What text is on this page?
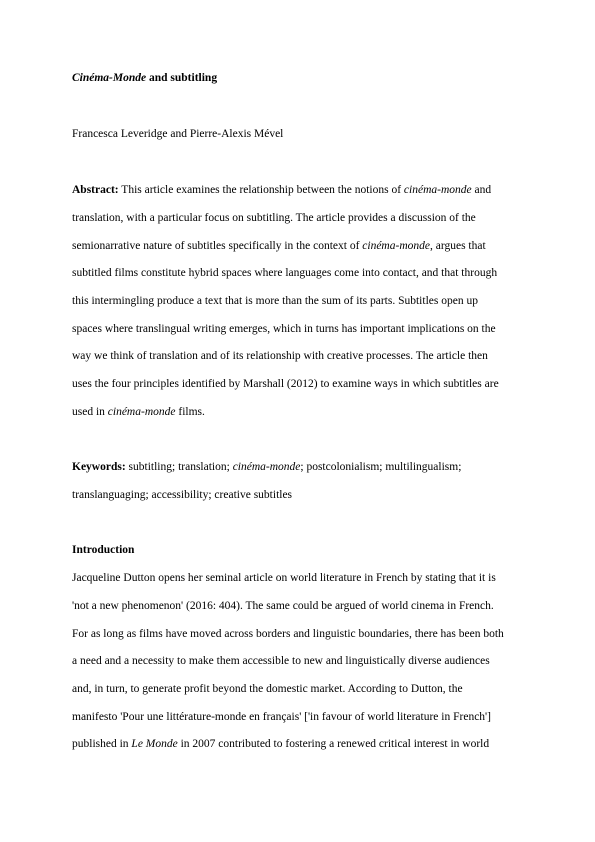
Cinéma-Monde and subtitling
Francesca Leveridge and Pierre-Alexis Mével
Abstract: This article examines the relationship between the notions of cinéma-monde and
translation, with a particular focus on subtitling. The article provides a discussion of the
semionarrative nature of subtitles specifically in the context of cinéma-monde, argues that
subtitled films constitute hybrid spaces where languages come into contact, and that through
this intermingling produce a text that is more than the sum of its parts. Subtitles open up
spaces where translingual writing emerges, which in turns has important implications on the
way we think of translation and of its relationship with creative processes. The article then
uses the four principles identified by Marshall (2012) to examine ways in which subtitles are
used in cinéma-monde films.
Keywords: subtitling; translation; cinéma-monde; postcolonialism; multilingualism;
translanguaging; accessibility; creative subtitles
Introduction
Jacqueline Dutton opens her seminal article on world literature in French by stating that it is
'not a new phenomenon' (2016: 404). The same could be argued of world cinema in French.
For as long as films have moved across borders and linguistic boundaries, there has been both
a need and a necessity to make them accessible to new and linguistically diverse audiences
and, in turn, to generate profit beyond the domestic market. According to Dutton, the
manifesto 'Pour une littérature-monde en français' ['in favour of world literature in French']
published in Le Monde in 2007 contributed to fostering a renewed critical interest in world
